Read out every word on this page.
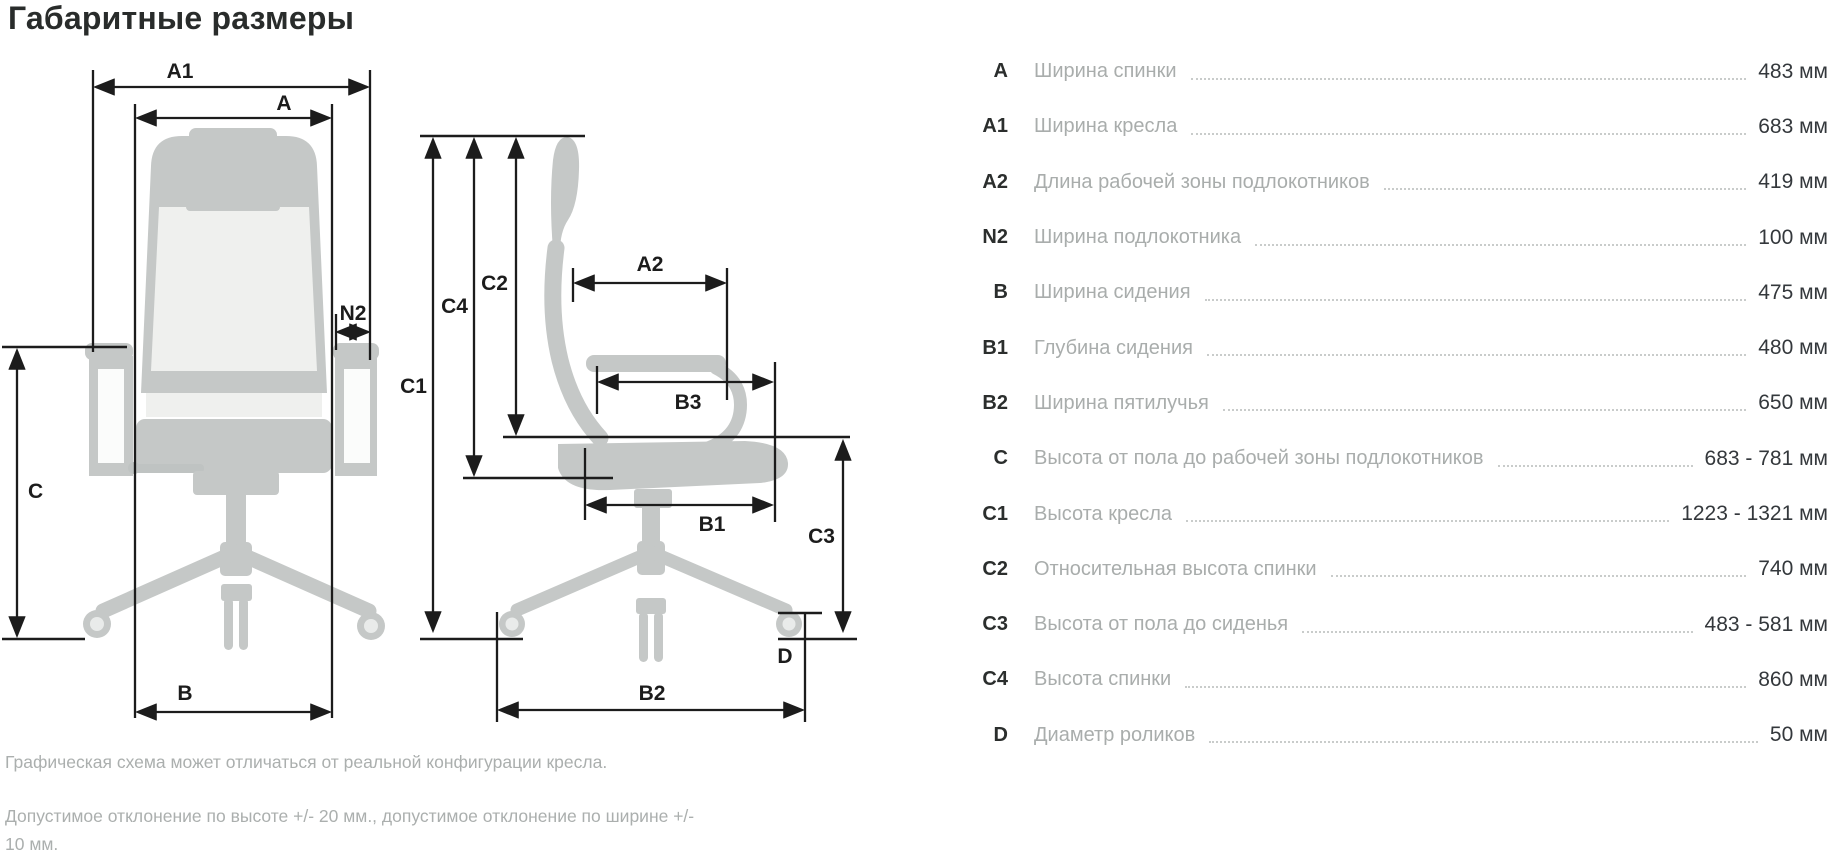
Габаритные размеры
A1
A
N2
C
B
C1
C4
C2
A2
B3
B1
C3
D
B2

Графическая схема может отличаться от реальной конфигурации кресла.

Допустимое отклонение по высоте +/- 20 мм., допустимое отклонение по ширине +/- 10 мм.

A Ширина спинки	483 мм
A1 Ширина кресла	683 мм
A2 Длина рабочей зоны подлокотников	419 мм
N2 Ширина подлокотника	100 мм
B Ширина сидения	475 мм
B1 Глубина сидения	480 мм
B2 Ширина пятилучья	650 мм
C Высота от пола до рабочей зоны подлокотников	683 - 781 мм
C1 Высота кресла	1223 - 1321 мм
C2 Относительная высота спинки	740 мм
C3 Высота от пола до сиденья	483 - 581 мм
C4 Высота спинки	860 мм
D Диаметр роликов	50 мм
